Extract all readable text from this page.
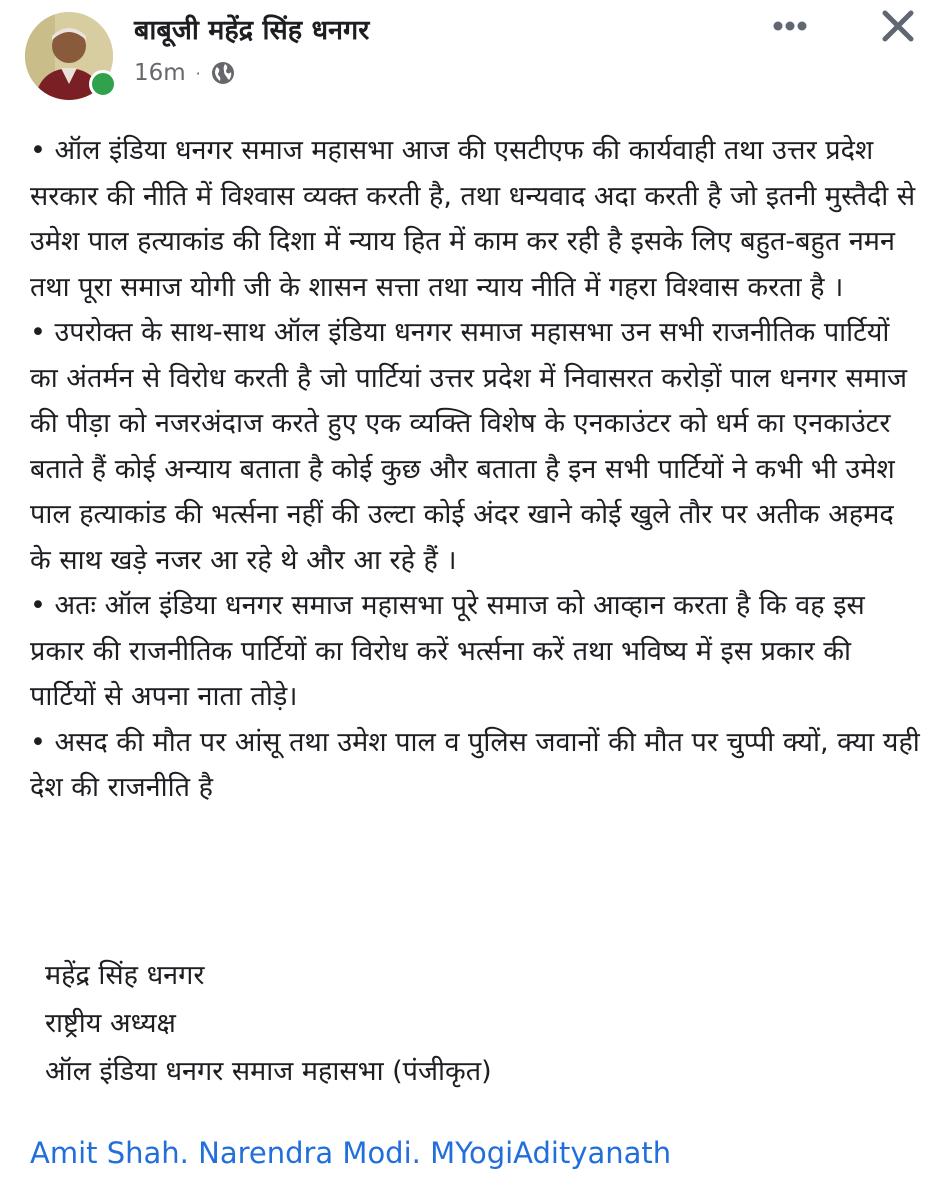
बाबूजी महेंद्र सिंह धनगर
16m ·

• ऑल इंडिया धनगर समाज महासभा आज की एसटीएफ की कार्यवाही तथा उत्तर प्रदेश सरकार की नीति में विश्वास व्यक्त करती है, तथा धन्यवाद अदा करती है जो इतनी मुस्तैदी से उमेश पाल हत्याकांड की दिशा में न्याय हित में काम कर रही है इसके लिए बहुत-बहुत नमन तथा पूरा समाज योगी जी के शासन सत्ता तथा न्याय नीति में गहरा विश्वास करता है ।

• उपरोक्त के साथ-साथ ऑल इंडिया धनगर समाज महासभा उन सभी राजनीतिक पार्टियों का अंतर्मन से विरोध करती है जो पार्टियां उत्तर प्रदेश में निवासरत करोड़ों पाल धनगर समाज की पीड़ा को नजरअंदाज करते हुए एक व्यक्ति विशेष के एनकाउंटर को धर्म का एनकाउंटर बताते हैं कोई अन्याय बताता है कोई कुछ और बताता है इन सभी पार्टियों ने कभी भी उमेश पाल हत्याकांड की भर्त्सना नहीं की उल्टा कोई अंदर खाने कोई खुले तौर पर अतीक अहमद के साथ खड़े नजर आ रहे थे और आ रहे हैं ।

• अतः ऑल इंडिया धनगर समाज महासभा पूरे समाज को आव्हान करता है कि वह इस प्रकार की राजनीतिक पार्टियों का विरोध करें भर्त्सना करें तथा भविष्य में इस प्रकार की पार्टियों से अपना नाता तोड़े।

• असद की मौत पर आंसू तथा उमेश पाल व पुलिस जवानों की मौत पर चुप्पी क्यों, क्या यही देश की राजनीति है

महेंद्र सिंह धनगर
राष्ट्रीय अध्यक्ष
ऑल इंडिया धनगर समाज महासभा (पंजीकृत)
Amit Shah. Narendra Modi. MYogiAdityanath
